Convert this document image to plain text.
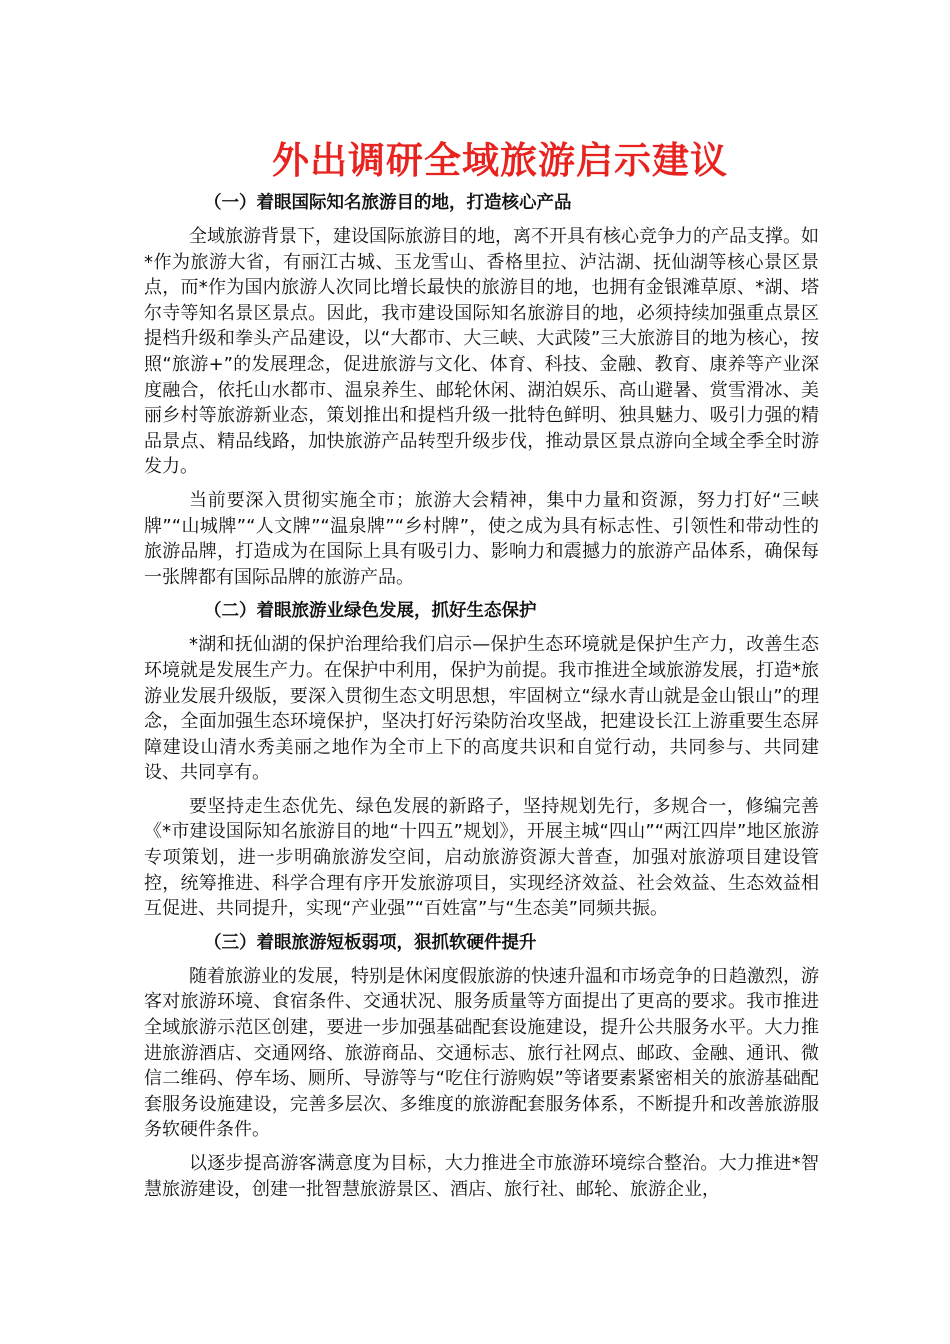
外出调研全域旅游启示建议
（一）着眼国际知名旅游目的地，打造核心产品

全域旅游背景下，建设国际旅游目的地，离不开具有核心竞争力的产品支撑。如*作为旅游大省，有丽江古城、玉龙雪山、香格里拉、泸沽湖、抚仙湖等核心景区景点，而*作为国内旅游人次同比增长最快的旅游目的地，也拥有金银滩草原、*湖、塔尔寺等知名景区景点。因此，我市建设国际知名旅游目的地，必须持续加强重点景区提档升级和拳头产品建设，以“大都市、大三峡、大武陵”三大旅游目的地为核心，按照“旅游+”的发展理念，促进旅游与文化、体育、科技、金融、教育、康养等产业深度融合，依托山水都市、温泉养生、邮轮休闲、湖泊娱乐、高山避暑、赏雪滑冰、美丽乡村等旅游新业态，策划推出和提档升级一批特色鲜明、独具魅力、吸引力强的精品景点、精品线路，加快旅游产品转型升级步伐，推动景区景点游向全域全季全时游发力。

当前要深入贯彻实施全市；旅游大会精神，集中力量和资源，努力打好“三峡牌”“山城牌”“人文牌”“温泉牌”“乡村牌”，使之成为具有标志性、引领性和带动性的旅游品牌，打造成为在国际上具有吸引力、影响力和震撼力的旅游产品体系，确保每一张牌都有国际品牌的旅游产品。

（二）着眼旅游业绿色发展，抓好生态保护

*湖和抚仙湖的保护治理给我们启示—保护生态环境就是保护生产力，改善生态环境就是发展生产力。在保护中利用，保护为前提。我市推进全域旅游发展，打造*旅游业发展升级版，要深入贯彻生态文明思想，牢固树立“绿水青山就是金山银山”的理念，全面加强生态环境保护，坚决打好污染防治攻坚战，把建设长江上游重要生态屏障建设山清水秀美丽之地作为全市上下的高度共识和自觉行动，共同参与、共同建设、共同享有。

要坚持走生态优先、绿色发展的新路子，坚持规划先行，多规合一，修编完善《*市建设国际知名旅游目的地“十四五”规划》，开展主城“四山”“两江四岸”地区旅游专项策划，进一步明确旅游发空间，启动旅游资源大普查，加强对旅游项目建设管控，统筹推进、科学合理有序开发旅游项目，实现经济效益、社会效益、生态效益相互促进、共同提升，实现“产业强”“百姓富”与“生态美”同频共振。

（三）着眼旅游短板弱项，狠抓软硬件提升

随着旅游业的发展，特别是休闲度假旅游的快速升温和市场竞争的日趋激烈，游客对旅游环境、食宿条件、交通状况、服务质量等方面提出了更高的要求。我市推进全域旅游示范区创建，要进一步加强基础配套设施建设，提升公共服务水平。大力推进旅游酒店、交通网络、旅游商品、交通标志、旅行社网点、邮政、金融、通讯、微信二维码、停车场、厕所、导游等与“吃住行游购娱”等诸要素紧密相关的旅游基础配套服务设施建设，完善多层次、多维度的旅游配套服务体系，不断提升和改善旅游服务软硬件条件。

以逐步提高游客满意度为目标，大力推进全市旅游环境综合整治。大力推进*智慧旅游建设，创建一批智慧旅游景区、酒店、旅行社、邮轮、旅游企业，
